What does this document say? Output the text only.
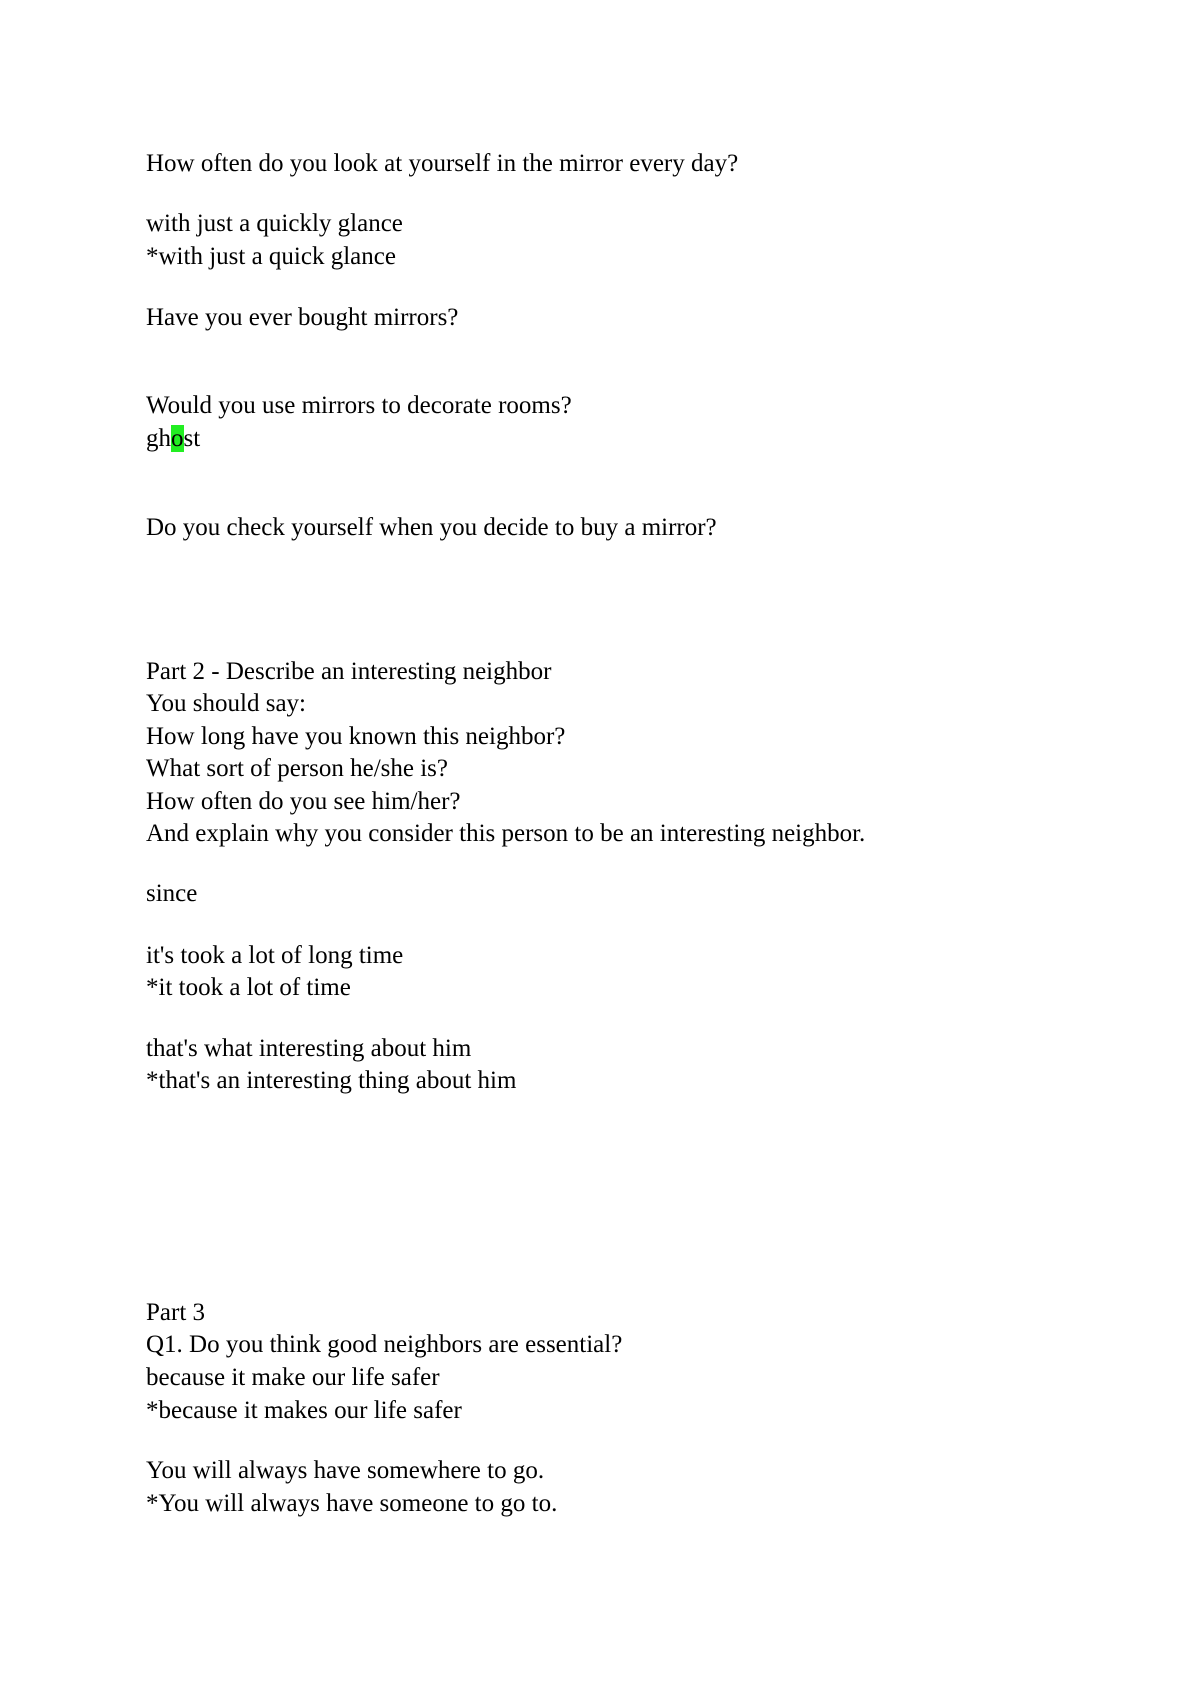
How often do you look at yourself in the mirror every day?

with just a quickly glance

*with just a quick glance

Have you ever bought mirrors?

Would you use mirrors to decorate rooms?

ghost

Do you check yourself when you decide to buy a mirror?

Part 2 - Describe an interesting neighbor

You should say:

How long have you known this neighbor?

What sort of person he/she is?

How often do you see him/her?

And explain why you consider this person to be an interesting neighbor.

since

it's took a lot of long time

*it took a lot of time

that's what interesting about him

*that's an interesting thing about him

Part 3

Q1. Do you think good neighbors are essential?

because it make our life safer

*because it makes our life safer

You will always have somewhere to go.

*You will always have someone to go to.
